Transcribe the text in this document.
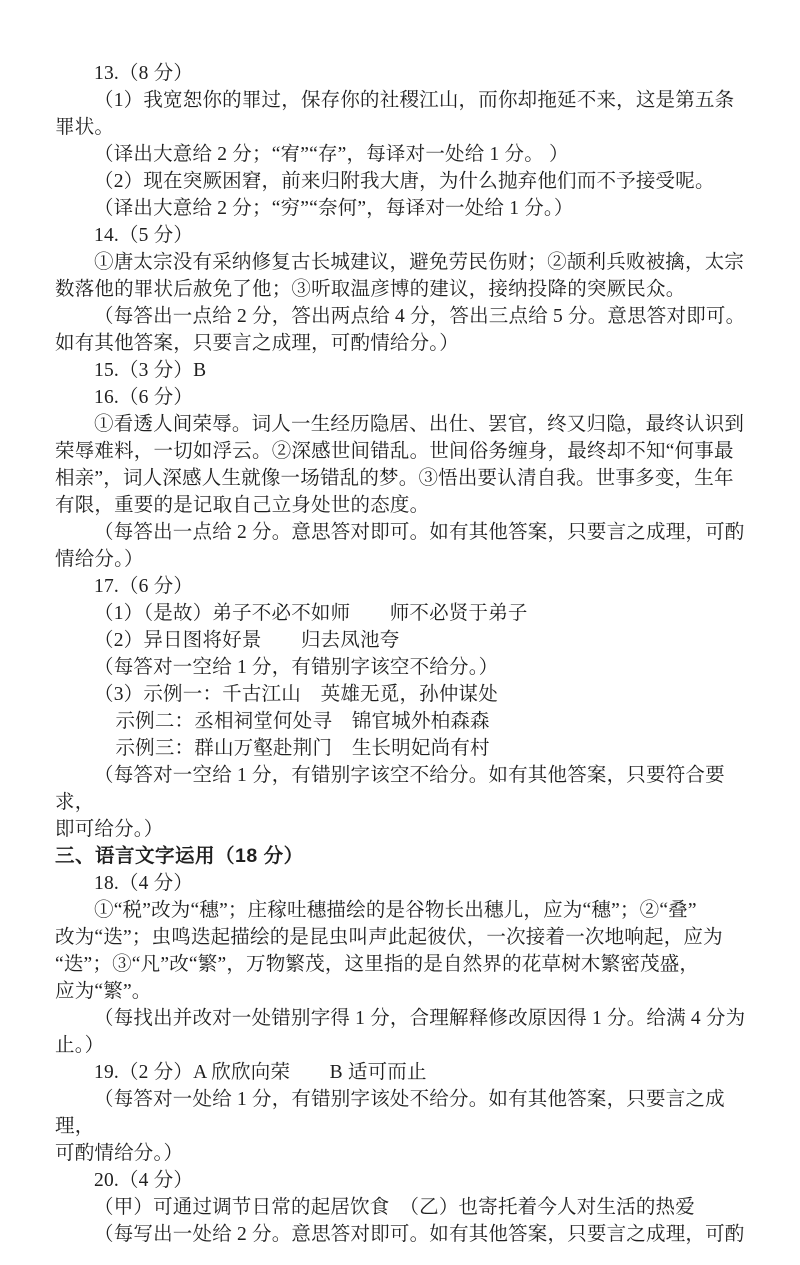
13.（8 分）
（1）我宽恕你的罪过，保存你的社稷江山，而你却拖延不来，这是第五条
罪状。
（译出大意给 2 分；“宥”“存”，每译对一处给 1 分。 ）
（2）现在突厥困窘，前来归附我大唐，为什么抛弃他们而不予接受呢。
（译出大意给 2 分；“穷”“奈何”，每译对一处给 1 分。）
14.（5 分）
①唐太宗没有采纳修复古长城建议，避免劳民伤财；②颉利兵败被擒，太宗
数落他的罪状后赦免了他；③听取温彦博的建议，接纳投降的突厥民众。
（每答出一点给 2 分，答出两点给 4 分，答出三点给 5 分。意思答对即可。
如有其他答案，只要言之成理，可酌情给分。）
15.（3 分）B
16.（6 分）
①看透人间荣辱。词人一生经历隐居、出仕、罢官，终又归隐，最终认识到
荣辱难料，一切如浮云。②深感世间错乱。世间俗务缠身，最终却不知“何事最
相亲”，词人深感人生就像一场错乱的梦。③悟出要认清自我。世事多变，生年
有限，重要的是记取自己立身处世的态度。
（每答出一点给 2 分。意思答对即可。如有其他答案，只要言之成理，可酌
情给分。）
17.（6 分）
（1）（是故）弟子不必不如师　　师不必贤于弟子
（2）异日图将好景　　归去凤池夸
（每答对一空给 1 分，有错别字该空不给分。）
（3）示例一：千古江山　英雄无觅，孙仲谋处
示例二：丞相祠堂何处寻　锦官城外柏森森
示例三：群山万壑赴荆门　生长明妃尚有村
（每答对一空给 1 分，有错别字该空不给分。如有其他答案，只要符合要求，
即可给分。）
三、语言文字运用（18 分）
18.（4 分）
①“税”改为“穗”；庄稼吐穗描绘的是谷物长出穗儿，应为“穗”；②“叠”
改为“迭”；虫鸣迭起描绘的是昆虫叫声此起彼伏，一次接着一次地响起，应为
“迭”；③“凡”改“繁”，万物繁茂，这里指的是自然界的花草树木繁密茂盛，
应为“繁”。
（每找出并改对一处错别字得 1 分，合理解释修改原因得 1 分。给满 4 分为
止。）
19.（2 分）A 欣欣向荣　　B 适可而止
（每答对一处给 1 分，有错别字该处不给分。如有其他答案，只要言之成理，
可酌情给分。）
20.（4 分）
（甲）可通过调节日常的起居饮食　（乙）也寄托着今人对生活的热爱
（每写出一处给 2 分。意思答对即可。如有其他答案，只要言之成理，可酌
